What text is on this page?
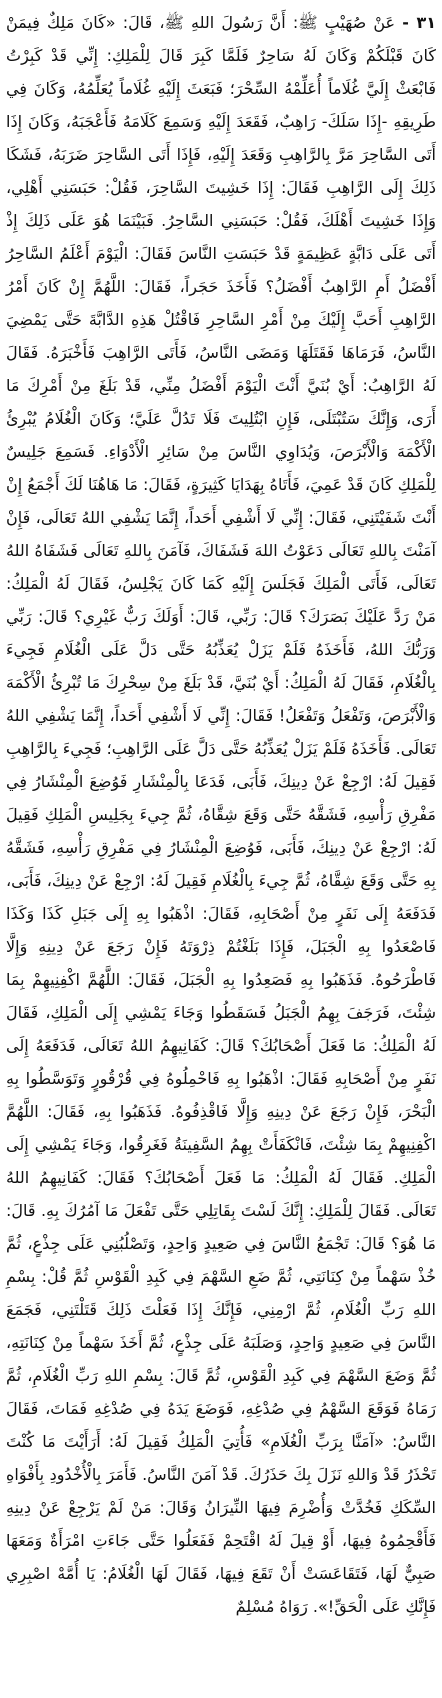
٣١ - عَنْ صُهَيْبٍ ﷺ: أَنَّ رَسُولَ اللهِ ﷺ، قَالَ: «كَانَ مَلِكٌ فِيمَنْ كَانَ قَبْلَكُمْ وَكَانَ لَهُ سَاحِرٌ فَلَمَّا كَبِرَ قَالَ لِلْمَلِكِ: إِنِّي قَدْ كَبِرْتُ فَابْعَثْ إِلَيَّ غُلَاماً أُعَلِّمْهُ السِّحْرَ؛ فَبَعَثَ إِلَيْهِ غُلَاماً يُعَلِّمُهُ، وَكَانَ فِي طَرِيقِهِ -إِذَا سَلَكَ- رَاهِبٌ، فَقَعَدَ إِلَيْهِ وَسَمِعَ كَلَامَهُ فَأَعْجَبَهُ، وَكَانَ إِذَا أَتَى السَّاحِرَ مَرَّ بِالرَّاهِبِ وَقَعَدَ إِلَيْهِ، فَإِذَا أَتَى السَّاحِرَ ضَرَبَهُ، فَشَكَا ذَلِكَ إِلَى الرَّاهِبِ فَقَالَ: إِذَا خَشِيتَ السَّاحِرَ، فَقُلْ: حَبَسَنِي أَهْلِي، وَإِذَا خَشِيتَ أَهْلَكَ، فَقُلْ: حَبَسَنِي السَّاحِرُ. فَبَيْنَمَا هُوَ عَلَى ذَلِكَ إِذْ أَتَى عَلَى دَابَّةٍ عَظِيمَةٍ قَدْ حَبَسَتِ النَّاسَ فَقَالَ: الْيَوْمَ أَعْلَمُ السَّاحِرُ أَفْضَلُ أَمِ الرَّاهِبُ أَفْضَلُ؟ فَأَخَذَ حَجَراً، فَقَالَ: اللَّهُمَّ إِنْ كَانَ أَمْرُ الرَّاهِبِ أَحَبَّ إِلَيْكَ مِنْ أَمْرِ السَّاحِرِ فَاقْتُلْ هَذِهِ الدَّابَّةَ حَتَّى يَمْضِيَ النَّاسُ، فَرَمَاهَا فَقَتَلَهَا وَمَضَى النَّاسُ، فَأَتَى الرَّاهِبَ فَأَخْبَرَهُ. فَقَالَ لَهُ الرَّاهِبُ: أَيْ بُنَيَّ أَنْتَ الْيَوْمَ أَفْضَلُ مِنِّي، قَدْ بَلَغَ مِنْ أَمْرِكَ مَا أَرَى، وَإِنَّكَ سَتُبْتَلَى، فَإِنِ ابْتُلِيتَ فَلَا تَدُلَّ عَلَيَّ؛ وَكَانَ الْغُلَامُ يُبْرِئُ الْأَكْمَهَ وَالْأَبْرَصَ، وَيُدَاوِي النَّاسَ مِنْ سَائِرِ الْأَدْوَاءِ. فَسَمِعَ جَلِيسٌ لِلْمَلِكِ كَانَ قَدْ عَمِيَ، فَأَتَاهُ بِهَدَايَا كَثِيرَةٍ، فَقَالَ: مَا هَاهُنَا لَكَ أَجْمَعُ إِنْ أَنْتَ شَفَيْتَنِي، فَقَالَ: إِنِّي لَا أَشْفِي أَحَداً، إِنَّمَا يَشْفِي اللهُ تَعَالَى، فَإِنْ آمَنْتَ بِاللهِ تَعَالَى دَعَوْتُ اللهَ فَشَفَاكَ، فَآمَنَ بِاللهِ تَعَالَى فَشَفَاهُ اللهُ تَعَالَى، فَأَتَى الْمَلِكَ فَجَلَسَ إِلَيْهِ كَمَا كَانَ يَجْلِسُ، فَقَالَ لَهُ الْمَلِكُ: مَنْ رَدَّ عَلَيْكَ بَصَرَكَ؟ قَالَ: رَبِّي، قَالَ: أَوَلَكَ رَبٌّ غَيْرِي؟ قَالَ: رَبِّي وَرَبُّكَ اللهُ، فَأَخَذَهُ فَلَمْ يَزَلْ يُعَذِّبُهُ حَتَّى دَلَّ عَلَى الْغُلَامِ فَجِيءَ بِالْغُلَامِ، فَقَالَ لَهُ الْمَلِكُ: أَيْ بُنَيَّ، قَدْ بَلَغَ مِنْ سِحْرِكَ مَا تُبْرِئُ الْأَكْمَهَ وَالْأَبْرَصَ، وَتَفْعَلُ وَتَفْعَلُ! فَقَالَ: إِنِّي لَا أَشْفِي أَحَداً، إِنَّمَا يَشْفِي اللهُ تَعَالَى. فَأَخَذَهُ فَلَمْ يَزَلْ يُعَذِّبُهُ حَتَّى دَلَّ عَلَى الرَّاهِبِ؛ فَجِيءَ بِالرَّاهِبِ فَقِيلَ لَهُ: ارْجِعْ عَنْ دِينِكَ، فَأَبَى، فَدَعَا بِالْمِنْشَارِ فَوُضِعَ الْمِنْشَارُ فِي مَفْرِقِ رَأْسِهِ، فَشَقَّهُ حَتَّى وَقَعَ شِقَّاهُ، ثُمَّ جِيءَ بِجَلِيسِ الْمَلِكِ فَقِيلَ لَهُ: ارْجِعْ عَنْ دِينِكَ، فَأَبَى، فَوُضِعَ الْمِنْشَارُ فِي مَفْرِقِ رَأْسِهِ، فَشَقَّهُ بِهِ حَتَّى وَقَعَ شِقَّاهُ، ثُمَّ جِيءَ بِالْغُلَامِ فَقِيلَ لَهُ: ارْجِعْ عَنْ دِينِكَ، فَأَبَى، فَدَفَعَهُ إِلَى نَفَرٍ مِنْ أَصْحَابِهِ، فَقَالَ: اذْهَبُوا بِهِ إِلَى جَبَلِ كَذَا وَكَذَا فَاصْعَدُوا بِهِ الْجَبَلَ، فَإِذَا بَلَغْتُمْ ذِرْوَتَهُ فَإِنْ رَجَعَ عَنْ دِينِهِ وَإِلَّا فَاطْرَحُوهُ. فَذَهَبُوا بِهِ فَصَعِدُوا بِهِ الْجَبَلَ، فَقَالَ: اللَّهُمَّ اكْفِنِيهِمْ بِمَا شِئْتَ، فَرَجَفَ بِهِمُ الْجَبَلُ فَسَقَطُوا وَجَاءَ يَمْشِي إِلَى الْمَلِكِ، فَقَالَ لَهُ الْمَلِكُ: مَا فَعَلَ أَصْحَابُكَ؟ قَالَ: كَفَانِيهِمُ اللهُ تَعَالَى، فَدَفَعَهُ إِلَى نَفَرٍ مِنْ أَصْحَابِهِ فَقَالَ: اذْهَبُوا بِهِ فَاحْمِلُوهُ فِي قُرْقُورٍ وَتَوَسَّطُوا بِهِ الْبَحْرَ، فَإِنْ رَجَعَ عَنْ دِينِهِ وَإِلَّا فَاقْذِفُوهُ. فَذَهَبُوا بِهِ، فَقَالَ: اللَّهُمَّ اكْفِنِيهِمْ بِمَا شِئْتَ، فَانْكَفَأَتْ بِهِمُ السَّفِينَةُ فَغَرِقُوا، وَجَاءَ يَمْشِي إِلَى الْمَلِكِ. فَقَالَ لَهُ الْمَلِكُ: مَا فَعَلَ أَصْحَابُكَ؟ فَقَالَ: كَفَانِيهِمُ اللهُ تَعَالَى. فَقَالَ لِلْمَلِكِ: إِنَّكَ لَسْتَ بِقَاتِلِي حَتَّى تَفْعَلَ مَا آمُرُكَ بِهِ. قَالَ: مَا هُوَ؟ قَالَ: تَجْمَعُ النَّاسَ فِي صَعِيدٍ وَاحِدٍ، وَتَصْلُبُنِي عَلَى جِذْعٍ، ثُمَّ خُذْ سَهْماً مِنْ كِنَانَتِي، ثُمَّ ضَعِ السَّهْمَ فِي كَبِدِ الْقَوْسِ ثُمَّ قُلْ: بِسْمِ اللهِ رَبِّ الْغُلَامِ، ثُمَّ ارْمِنِي، فَإِنَّكَ إِذَا فَعَلْتَ ذَلِكَ قَتَلْتَنِي، فَجَمَعَ النَّاسَ فِي صَعِيدٍ وَاحِدٍ، وَصَلَبَهُ عَلَى جِذْعٍ، ثُمَّ أَخَذَ سَهْماً مِنْ كِنَانَتِهِ، ثُمَّ وَضَعَ السَّهْمَ فِي كَبِدِ الْقَوْسِ، ثُمَّ قَالَ: بِسْمِ اللهِ رَبِّ الْغُلَامِ، ثُمَّ رَمَاهُ فَوَقَعَ السَّهْمُ فِي صُدْغِهِ، فَوَضَعَ يَدَهُ فِي صُدْغِهِ فَمَاتَ، فَقَالَ النَّاسُ: «آمَنَّا بِرَبِّ الْغُلَامِ» فَأُتِيَ الْمَلِكُ فَقِيلَ لَهُ: أَرَأَيْتَ مَا كُنْتَ تَحْذَرُ قَدْ وَاللهِ نَزَلَ بِكَ حَذَرُكَ. قَدْ آمَنَ النَّاسُ. فَأَمَرَ بِالْأُخْدُودِ بِأَفْوَاهِ السِّكَكِ فَخُدَّتْ وَأُضْرِمَ فِيهَا النِّيرَانُ وَقَالَ: مَنْ لَمْ يَرْجِعْ عَنْ دِينِهِ فَأَقْحِمُوهُ فِيهَا، أَوْ قِيلَ لَهُ اقْتَحِمْ فَفَعَلُوا حَتَّى جَاءَتِ امْرَأَةٌ وَمَعَهَا صَبِيٌّ لَهَا، فَتَقَاعَسَتْ أَنْ تَقَعَ فِيهَا، فَقَالَ لَهَا الْغُلَامُ: يَا أُمَّهْ اصْبِرِي فَإِنَّكِ عَلَى الْحَقِّ!». رَوَاهُ مُسْلِمٌ
